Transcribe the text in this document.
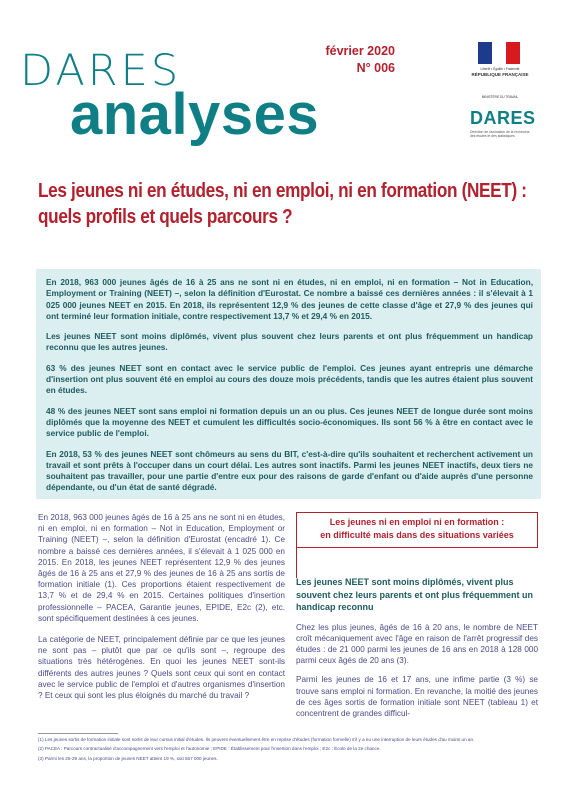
DARES
analyses
février 2020
N° 006	Liberté • Égalité • Fraternité
RÉPUBLIQUE FRANÇAISE
MINISTÈRE DU TRAVAIL
DARES
Direction de l'animation de la recherche, des études et des statistiques
Les jeunes ni en études, ni en emploi, ni en formation (NEET) : quels profils et quels parcours ?

En 2018, 963 000 jeunes âgés de 16 à 25 ans ne sont ni en études, ni en emploi, ni en formation – Not in Education, Employment or Training (NEET) –, selon la définition d'Eurostat. Ce nombre a baissé ces dernières années : il s'élevait à 1 025 000 jeunes NEET en 2015. En 2018, ils représentent 12,9 % des jeunes de cette classe d'âge et 27,9 % des jeunes qui ont terminé leur formation initiale, contre respectivement 13,7 % et 29,4 % en 2015.

Les jeunes NEET sont moins diplômés, vivent plus souvent chez leurs parents et ont plus fréquemment un handicap reconnu que les autres jeunes.

63 % des jeunes NEET sont en contact avec le service public de l'emploi. Ces jeunes ayant entrepris une démarche d'insertion ont plus souvent été en emploi au cours des douze mois précédents, tandis que les autres étaient plus souvent en études.

48 % des jeunes NEET sont sans emploi ni formation depuis un an ou plus. Ces jeunes NEET de longue durée sont moins diplômés que la moyenne des NEET et cumulent les difficultés socio-économiques. Ils sont 56 % à être en contact avec le service public de l'emploi.

En 2018, 53 % des jeunes NEET sont chômeurs au sens du BIT, c'est-à-dire qu'ils souhaitent et recherchent activement un travail et sont prêts à l'occuper dans un court délai. Les autres sont inactifs. Parmi les jeunes NEET inactifs, deux tiers ne souhaitent pas travailler, pour une partie d'entre eux pour des raisons de garde d'enfant ou d'aide auprès d'une personne dépendante, ou d'un état de santé dégradé.

En 2018, 963 000 jeunes âgés de 16 à 25 ans ne sont ni en études, ni en emploi, ni en formation – Not in Education, Employment or Training (NEET) –, selon la définition d'Eurostat (encadré 1). Ce nombre a baissé ces dernières années, il s'élevait à 1 025 000 en 2015. En 2018, les jeunes NEET représentent 12,9 % des jeunes âgés de 16 à 25 ans et 27,9 % des jeunes de 16 à 25 ans sortis de formation initiale (1). Ces proportions étaient respectivement de 13,7 % et de 29,4 % en 2015. Certaines politiques d'insertion professionnelle – PACEA, Garantie jeunes, EPIDE, E2c (2), etc. sont spécifiquement destinées à ces jeunes.

La catégorie de NEET, principalement définie par ce que les jeunes ne sont pas – plutôt que par ce qu'ils sont –, regroupe des situations très hétérogènes. En quoi les jeunes NEET sont-ils différents des autres jeunes ? Quels sont ceux qui sont en contact avec le service public de l'emploi et d'autres organismes d'insertion ? Et ceux qui sont les plus éloignés du marché du travail ?

Les jeunes ni en emploi ni en formation :
en difficulté mais dans des situations variées
Les jeunes NEET sont moins diplômés, vivent plus souvent chez leurs parents et ont plus fréquemment un handicap reconnu

Chez les plus jeunes, âgés de 16 à 20 ans, le nombre de NEET croît mécaniquement avec l'âge en raison de l'arrêt progressif des études : de 21 000 parmi les jeunes de 16 ans en 2018 à 128 000 parmi ceux âgés de 20 ans (3).

Parmi les jeunes de 16 et 17 ans, une infime partie (3 %) se trouve sans emploi ni formation. En revanche, la moitié des jeunes de ces âges sortis de formation initiale sont NEET (tableau 1) et concentrent de grandes difficul-

(1) Les jeunes sortis de formation initiale sont sortis de leur cursus initial d'études. Ils peuvent éventuellement être en reprise d'études (formation formelle) s'il y a eu une interruption de leurs études d'au moins un an.
(2) PACEA : Parcours contractualisé d'accompagnement vers l'emploi et l'autonomie ; EPIDE : Établissement pour l'insertion dans l'emploi ; E2c : École de la 2e chance.
(3) Parmi les 26-29 ans, la proportion de jeunes NEET atteint 19 %, soit 567 000 jeunes.
